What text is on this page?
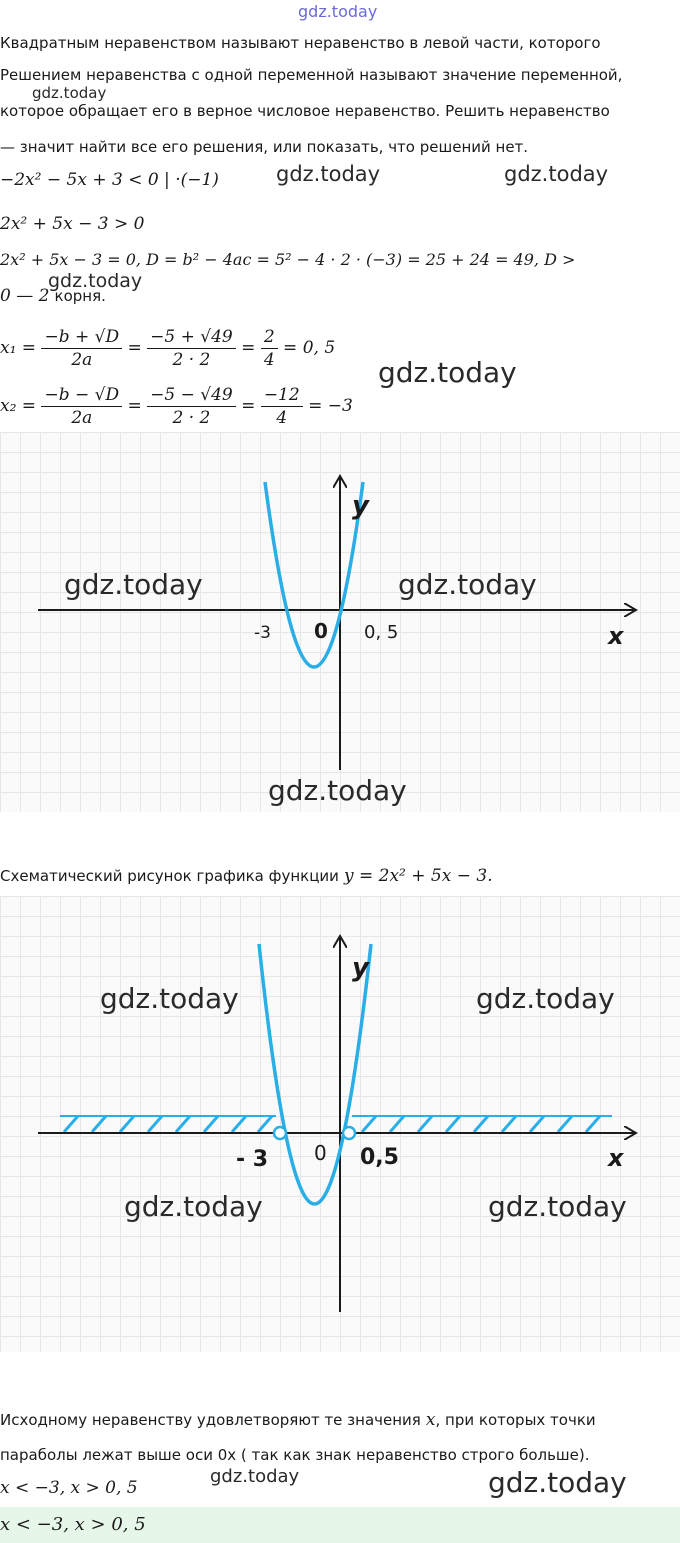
gdz.today
Квадратным неравенством называют неравенство в левой части, которого
Решением неравенства с одной переменной называют значение переменной,
gdz.today
которое обращает его в верное числовое неравенство. Решить неравенство
— значит найти все его решения, или показать, что решений нет.
−2x² − 5x + 3 < 0 | ·(−1)	gdz.today	gdz.today
2x² + 5x − 3 > 0
2x² + 5x − 3 = 0, D = b² − 4ac = 5² − 4 · 2 · (−3) = 25 + 24 = 49, D >
gdz.today
0 — 2 корня.
$x_1 = \frac{-b + √D}{2a} = \frac{-5 + √49}{2 \cdot 2} = \frac{2}{4} = 0$, 5
gdz.today
$x_2 = \frac{-b - √D}{2a} = \frac{-5 - √49}{2 \cdot 2} = \frac{-12}{4} = -3$
y
x
0
-3	0, 5
gdz.today	gdz.today
gdz.today
Схематический рисунок графика функции y = 2x² + 5x − 3.
y
x
0
- 3	0,5
gdz.today	gdz.today
gdz.today	gdz.today
Исходному неравенству удовлетворяют те значения x, при которых точки
параболы лежат выше оси 0x ( так как знак неравенство строго больше).
x < −3, x > 0, 5
gdz.today	gdz.today
x < −3, x > 0, 5
